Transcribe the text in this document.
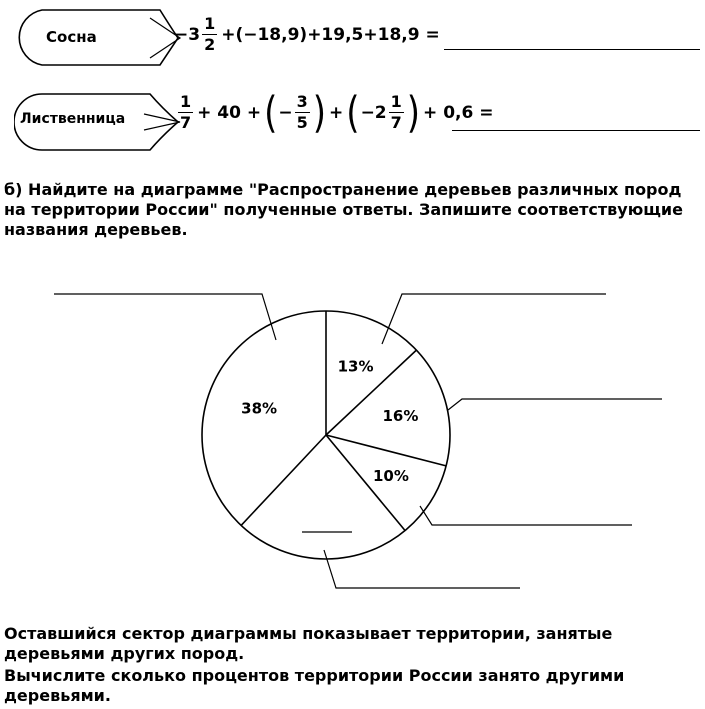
Сосна	$-3 \frac{1}{2} +(-18,9)+19,5+18,9$ =
Лиственница	$\frac{1}{7} + 40$ + ( − $\frac{3}{5}$ ) + ( $-2 \frac{1}{7}$ ) + 0,6 =
б) Найдите на диаграмме "Распространение деревьев различных пород на территории России" полученные ответы. Запишите соответствующие названия деревьев.
13%
16%
10%
38%
Оставшийся сектор диаграммы показывает территории, занятые деревьями других пород.
Вычислите сколько процентов территории России занято другими деревьями.
